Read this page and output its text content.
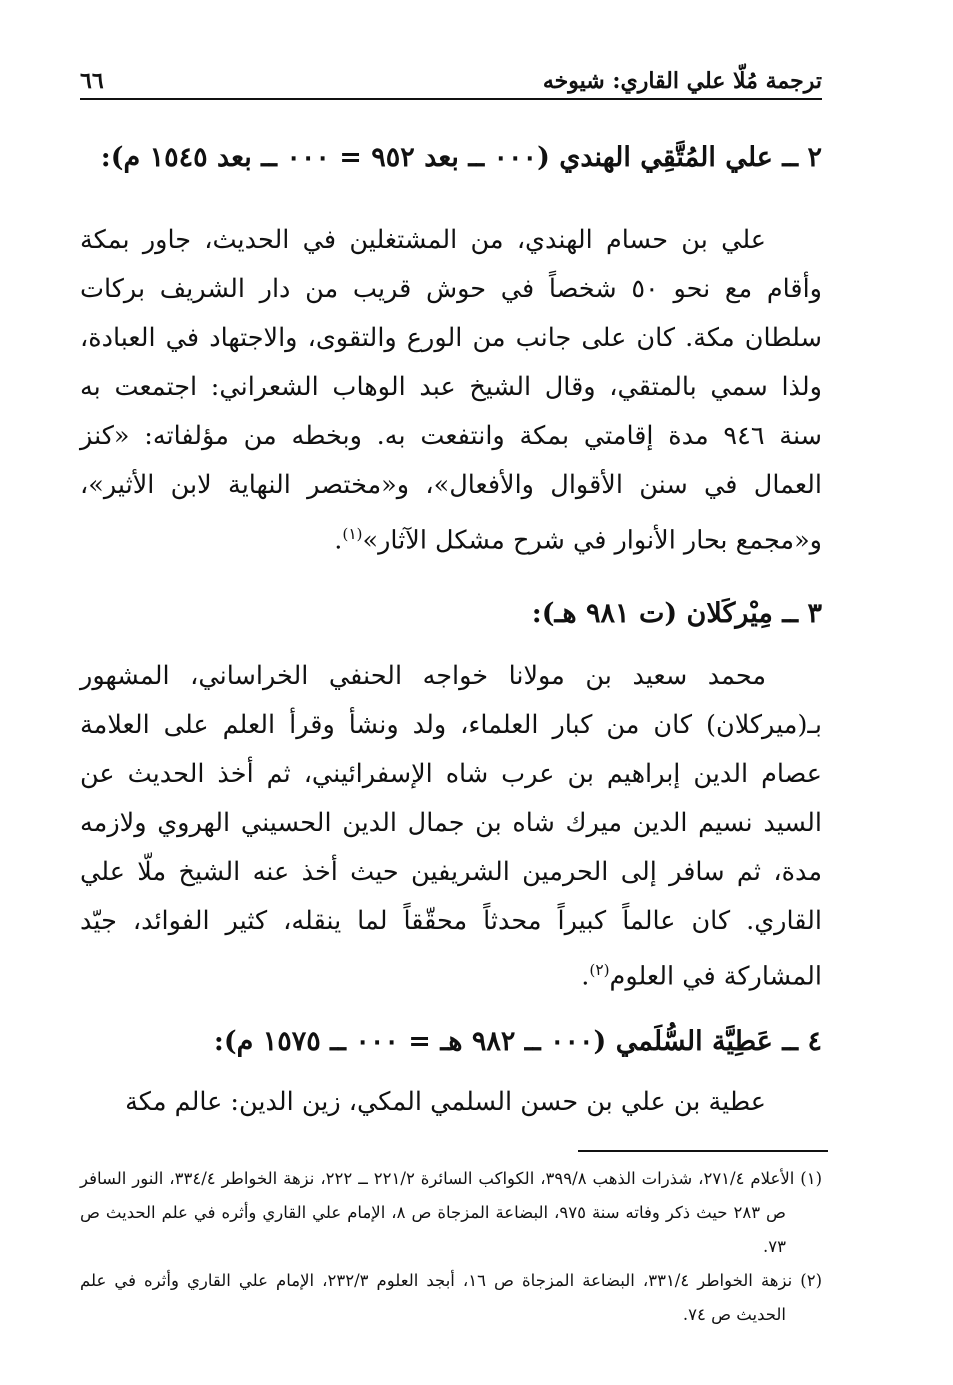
ترجمة مُلّا علي القاري: شيوخه
٦٦
٢ ــ علي المُتَّقِي الهندي (٠٠٠ ــ بعد ٩٥٢ = ٠٠٠ ــ بعد ١٥٤٥ م):

علي بن حسام الهندي، من المشتغلين في الحديث، جاور بمكة وأقام مع نحو ٥٠ شخصاً في حوش قريب من دار الشريف بركات سلطان مكة. كان على جانب من الورع والتقوى، والاجتهاد في العبادة، ولذا سمي بالمتقي، وقال الشيخ عبد الوهاب الشعراني: اجتمعت به سنة ٩٤٦ مدة إقامتي بمكة وانتفعت به. وبخطه من مؤلفاته: «كنز العمال في سنن الأقوال والأفعال»، و«مختصر النهاية لابن الأثير»، و«مجمع بحار الأنوار في شرح مشكل الآثار»$^{(١)}$.

٣ ــ مِيْركَلان (ت ٩٨١ هـ):

محمد سعيد بن مولانا خواجه الحنفي الخراساني، المشهور بـ(ميركلان) كان من كبار العلماء، ولد ونشأ وقرأ العلم على العلامة عصام الدين إبراهيم بن عرب شاه الإسفرائيني، ثم أخذ الحديث عن السيد نسيم الدين ميرك شاه بن جمال الدين الحسيني الهروي ولازمه مدة، ثم سافر إلى الحرمين الشريفين حيث أخذ عنه الشيخ ملّا علي القاري. كان عالماً كبيراً محدثاً محقّقاً لما ينقله، كثير الفوائد، جيّد المشاركة في العلوم$^{(٢)}$.

٤ ــ عَطِيَّة السُّلَمي (٠٠٠ ــ ٩٨٢ هـ = ٠٠٠ ــ ١٥٧٥ م):

عطية بن علي بن حسن السلمي المكي، زين الدين: عالم مكة

(١) الأعلام ٢٧١/٤، شذرات الذهب ٣٩٩/٨، الكواكب السائرة ٢٢١/٢ ــ ٢٢٢، نزهة الخواطر ٣٣٤/٤، النور السافر ص ٢٨٣ حيث ذكر وفاته سنة ٩٧٥، البضاعة المزجاة ص ٨، الإمام علي القاري وأثره في علم الحديث ص ٧٣.

(٢) نزهة الخواطر ٣٣١/٤، البضاعة المزجاة ص ١٦، أبجد العلوم ٢٣٢/٣، الإمام علي القاري وأثره في علم الحديث ص ٧٤.
